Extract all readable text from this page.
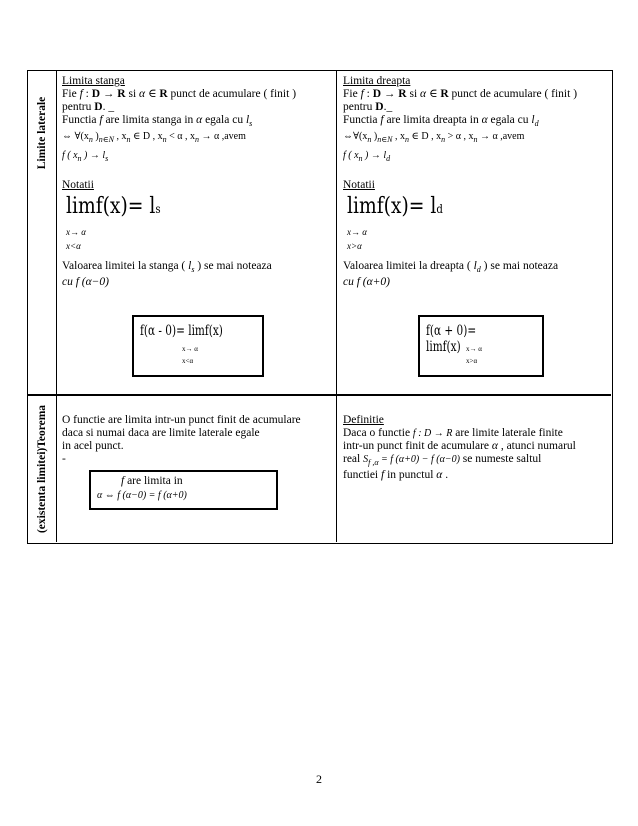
Limite laterale
(existenta limitei)Teorema

Limita stanga

Fie f : D → R si α ∈ R punct de acumulare ( finit )

pentru D. _

Functia f are limita stanga in α egala cu $l_s$

⇔ $\forall(x_n$ )$_{n\in N}$ , $x_n$ ∈ D , $x_n < \alpha$ , $x_n \to \alpha$ ,avem

f ( $x_n$ ) → $l_s$

Notatii

limf(x)= ls
x→ α
x<α

Valoarea limitei la stanga ( $l_s$ ) se mai noteaza

cu f (α−0)

f(α - 0)= limf(x)
x→ α
x<α

Limita dreapta

Fie f : D → R si α ∈ R punct de acumulare ( finit )

pentru D._

Functia f are limita dreapta in α egala cu $l_d$

$\Leftrightarrow\forall(x_n$ )$_{n\in N}$ , $x_n$ ∈ D , $x_n > \alpha$ , $x_n \to \alpha$ ,avem

f ( $x_n$ ) → $l_d$

Notatii

limf(x)= ld
x→ α
x>α

Valoarea limitei la dreapta ( $l_d$ ) se mai noteaza

cu f (α+0)

f(α + 0)= limf(x) x→ α
x>α

O functie are limita intr-un punct finit de acumulare

daca si numai daca are limite laterale egale

in acel punct.

-

f are limita in

α ⇔ f (α−0) = f (α+0)

Definitie

Daca o functie f : D → R are limite laterale finite

intr-un punct finit de acumulare α , atunci numarul

real $S_{f ,\alpha} = f$ (α+0) − f (α−0) se numeste saltul

functiei f in punctul α .

2
